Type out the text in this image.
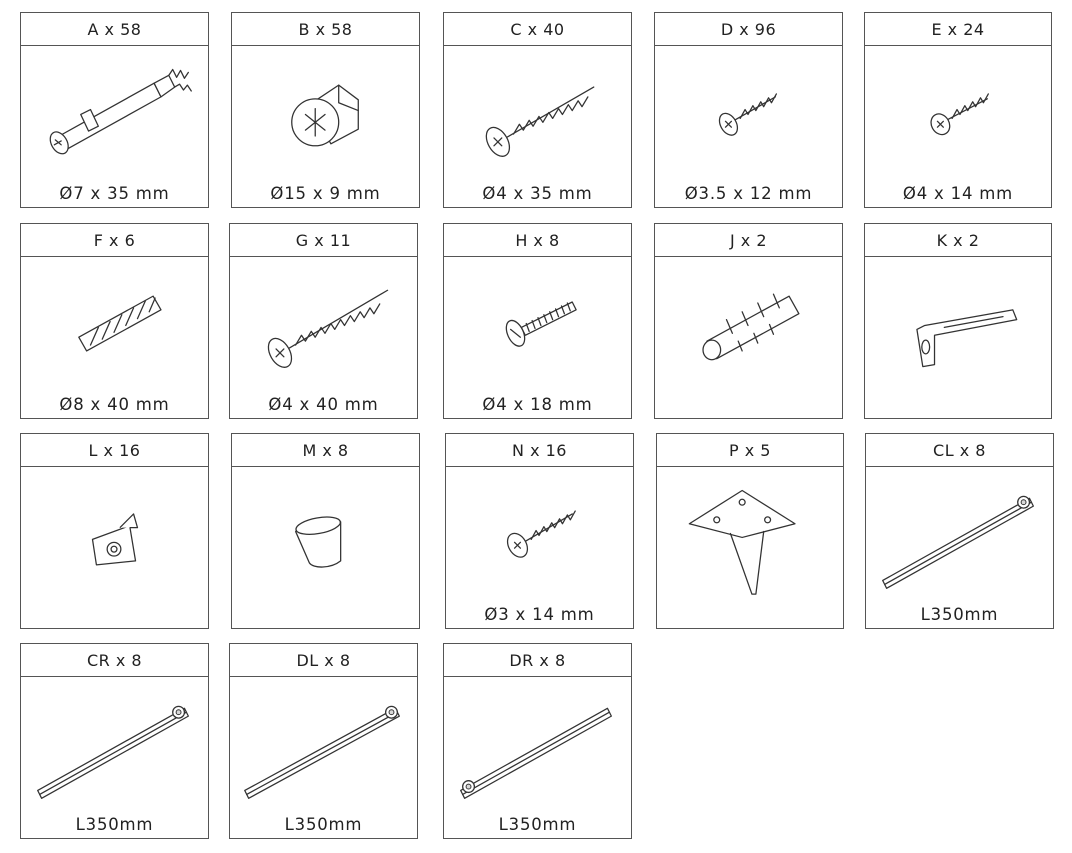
A x 58
Ø7 x 35 mm
B x 58
Ø15 x 9 mm
C x 40
Ø4 x 35 mm
D x 96
Ø3.5 x 12 mm
E x 24
Ø4 x 14 mm
F x 6
Ø8 x 40 mm
G x 11
Ø4 x 40 mm
H x 8
Ø4 x 18 mm
J x 2	K x 2
L x 16	M x 8	N x 16
Ø3 x 14 mm
P x 5	CL x 8
L350mm
CR x 8
L350mm
DL x 8
L350mm
DR x 8
L350mm
